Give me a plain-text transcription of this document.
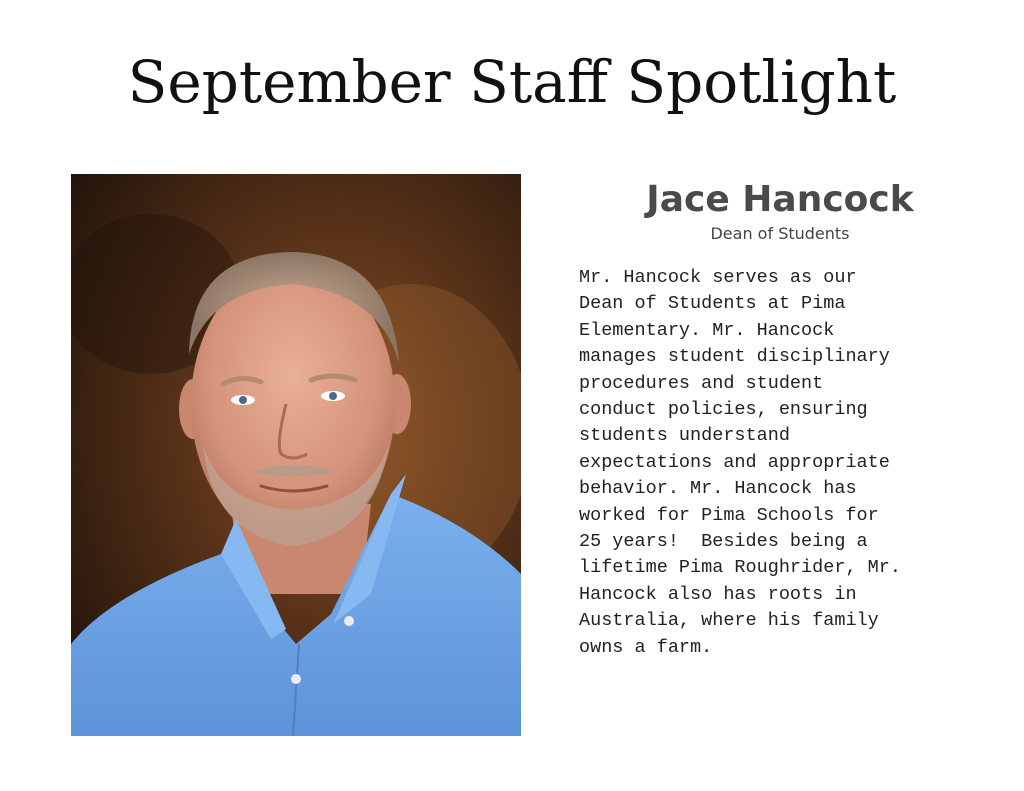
September Staff Spotlight
Jace Hancock
Dean of Students
Mr. Hancock serves as our
Dean of Students at Pima
Elementary. Mr. Hancock
manages student disciplinary
procedures and student
conduct policies, ensuring
students understand
expectations and appropriate
behavior. Mr. Hancock has
worked for Pima Schools for
25 years!  Besides being a
lifetime Pima Roughrider, Mr.
Hancock also has roots in
Australia, where his family
owns a farm.
